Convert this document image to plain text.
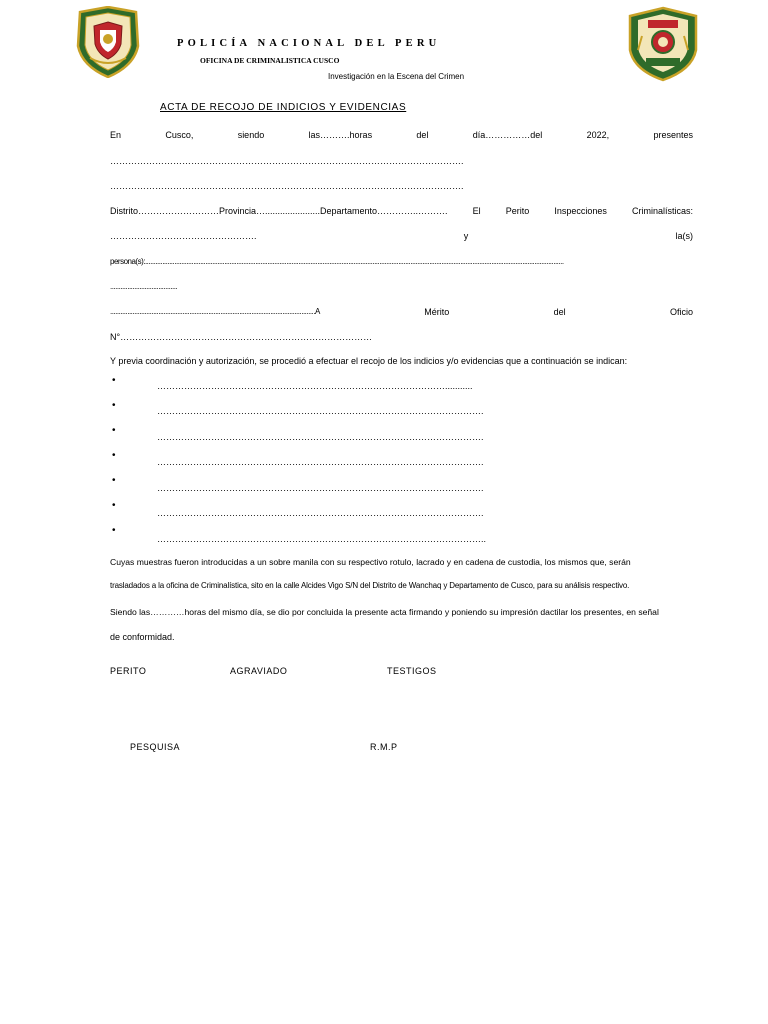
POLICÍA NACIONAL DEL PERU
OFICINA DE CRIMINALISTICA CUSCO
Investigación en la Escena del Crimen
ACTA DE RECOJO DE INDICIOS Y EVIDENCIAS
En	Cusco,	siendo	las……….horas	del	día……………del	2022,	presentes
……………………………………………………………………………………………………….
……………………………………………………………………………………………………….
Distrito………………………Provincia…......................Departamento…………..……….	El	Perito	Inspecciones	Criminalísticas:
………………………………………….	y	la(s)
persona(s):...................................................................................................................................................................................................................................................
.......................................
.......................................................................................................................A	Mérito	del	Oficio
N°…………………………………………………………………………
Y previa coordinación y autorización, se procedió a efectuar el recojo de los indicios y/o evidencias que a continuación se indican:
•	……………………………………………………………………………………...........
•	……………………………………………………………………………………………….
•
……………………………………………………………………………………………….
•
……………………………………………………………………………………………….
•
……………………………………………………………………………………………….
•
……………………………………………………………………………………………….
•
………………………………………………………………………………………………..
Cuyas muestras fueron introducidas a un sobre manila con su respectivo rotulo, lacrado y en cadena de custodia, los mismos que, serán
trasladados a la oficina de Criminalística, sito en la calle Alcides Vigo S/N del Distrito de Wanchaq y Departamento de Cusco, para su análisis respectivo.
Siendo las…………horas del mismo día, se dio por concluida la presente acta firmando y poniendo su impresión dactilar los presentes, en señal
de conformidad.
PERITO	AGRAVIADO	TESTIGOS
PESQUISA	R.M.P
